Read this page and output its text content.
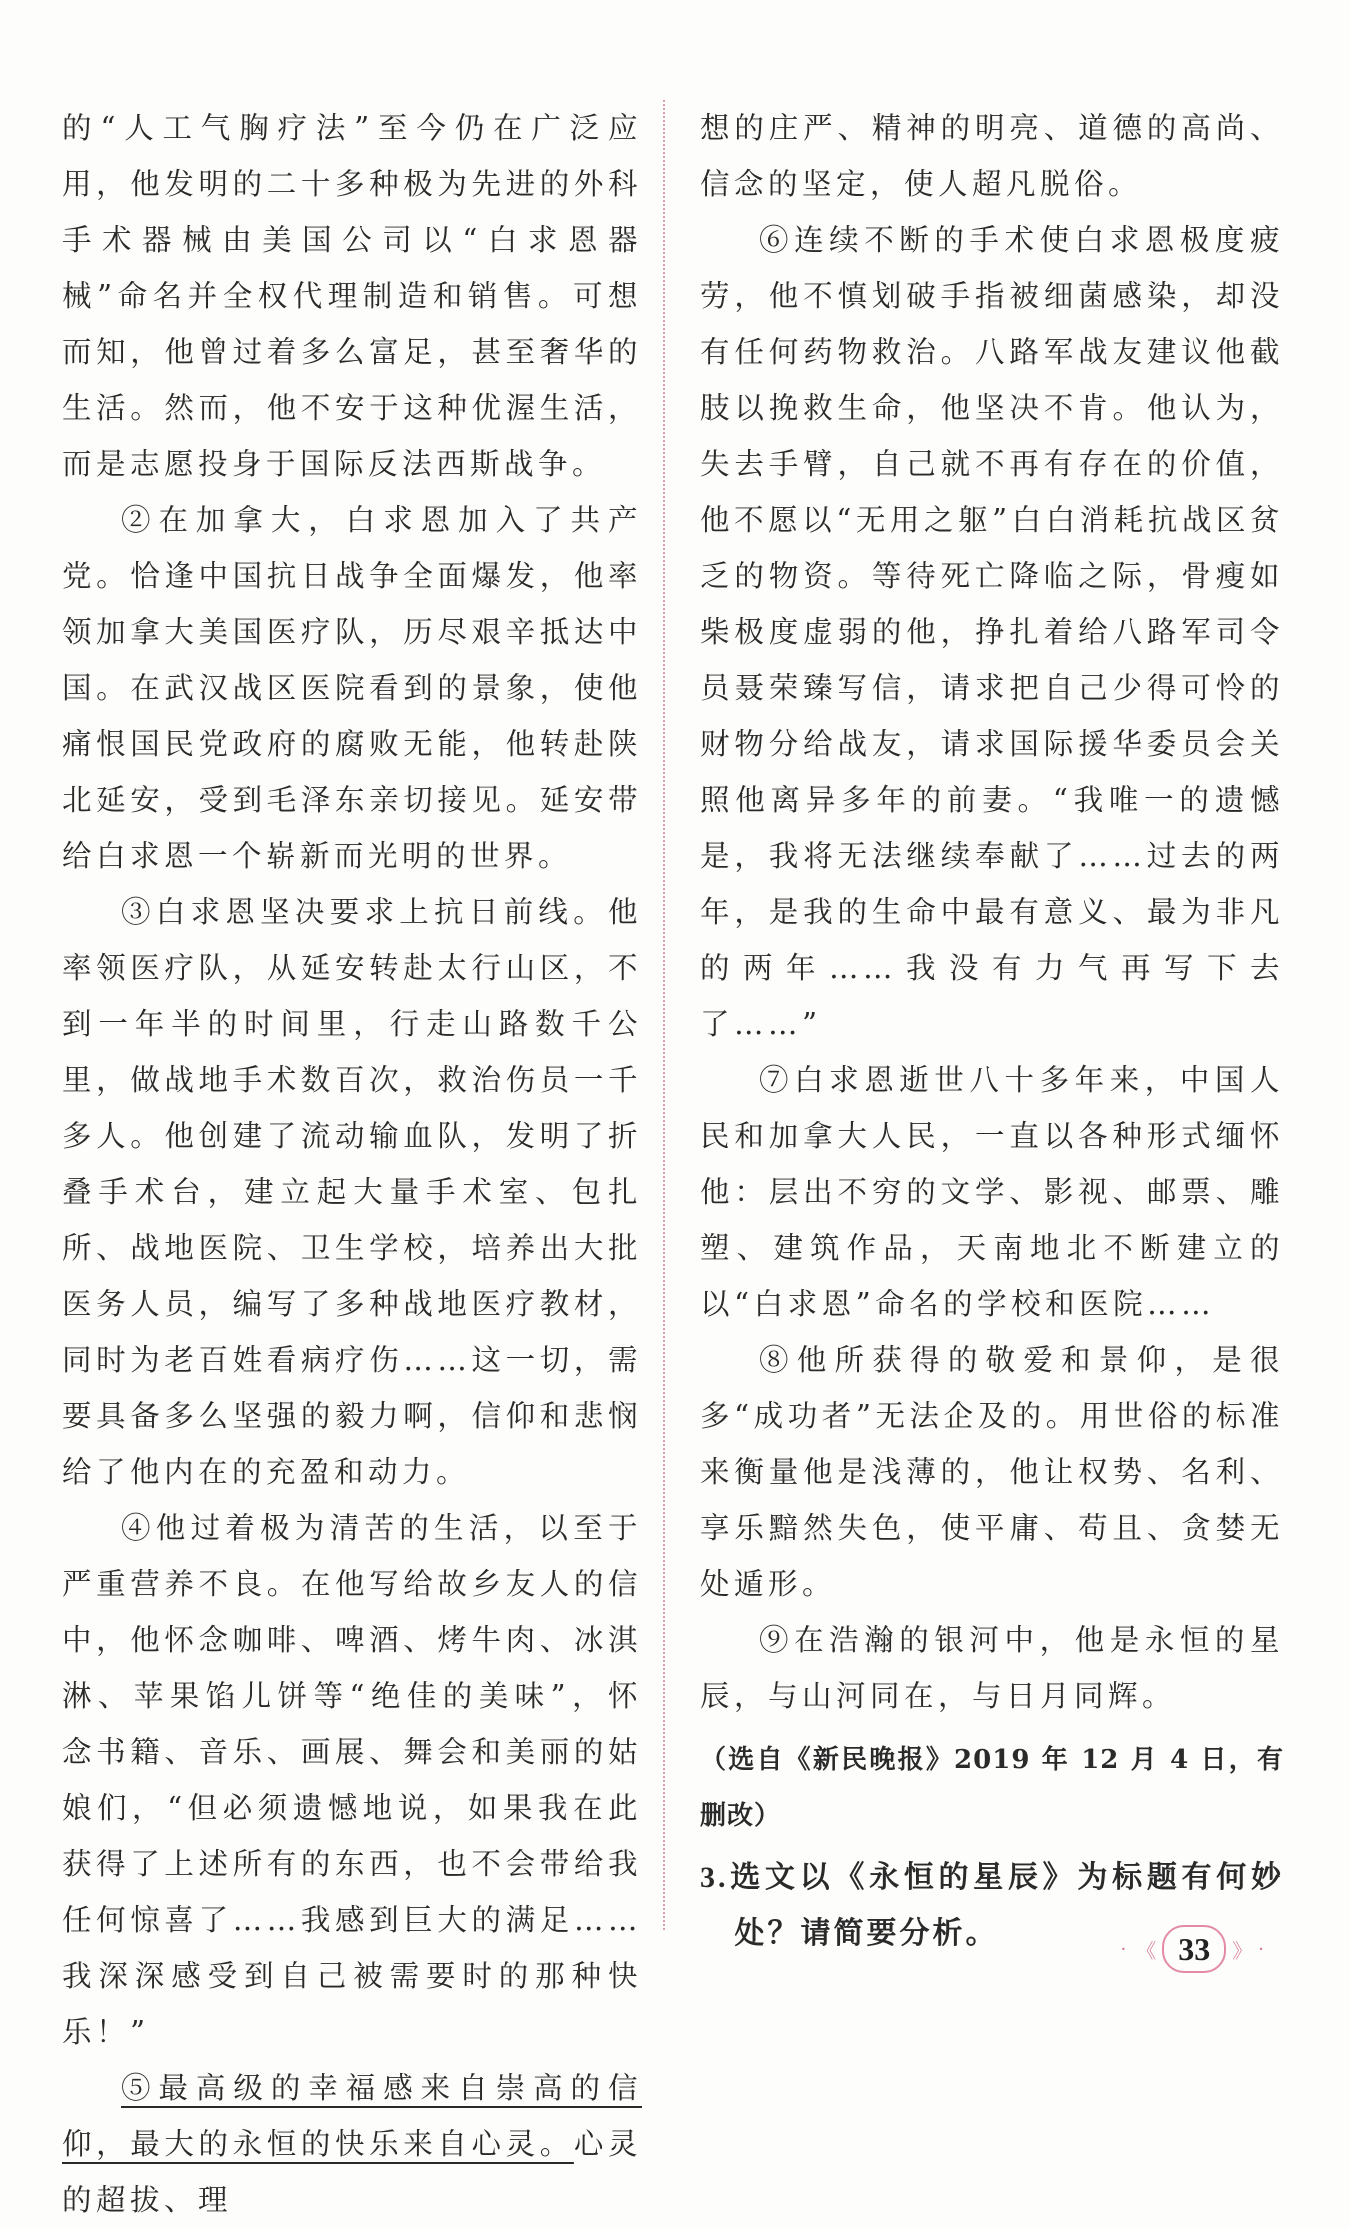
的“人工气胸疗法”至今仍在广泛应用，他发明的二十多种极为先进的外科手术器械由美国公司以“白求恩器械”命名并全权代理制造和销售。可想而知，他曾过着多么富足，甚至奢华的生活。然而，他不安于这种优渥生活，而是志愿投身于国际反法西斯战争。

②在加拿大，白求恩加入了共产党。恰逢中国抗日战争全面爆发，他率领加拿大美国医疗队，历尽艰辛抵达中国。在武汉战区医院看到的景象，使他痛恨国民党政府的腐败无能，他转赴陕北延安，受到毛泽东亲切接见。延安带给白求恩一个崭新而光明的世界。

③白求恩坚决要求上抗日前线。他率领医疗队，从延安转赴太行山区，不到一年半的时间里，行走山路数千公里，做战地手术数百次，救治伤员一千多人。他创建了流动输血队，发明了折叠手术台，建立起大量手术室、包扎所、战地医院、卫生学校，培养出大批医务人员，编写了多种战地医疗教材，同时为老百姓看病疗伤……这一切，需要具备多么坚强的毅力啊，信仰和悲悯给了他内在的充盈和动力。

④他过着极为清苦的生活，以至于严重营养不良。在他写给故乡友人的信中，他怀念咖啡、啤酒、烤牛肉、冰淇淋、苹果馅儿饼等“绝佳的美味”，怀念书籍、音乐、画展、舞会和美丽的姑娘们，“但必须遗憾地说，如果我在此获得了上述所有的东西，也不会带给我任何惊喜了……我感到巨大的满足……我深深感受到自己被需要时的那种快乐！”

⑤最高级的幸福感来自崇高的信仰，最大的永恒的快乐来自心灵。心灵的超拔、理

想的庄严、精神的明亮、道德的高尚、信念的坚定，使人超凡脱俗。

⑥连续不断的手术使白求恩极度疲劳，他不慎划破手指被细菌感染，却没有任何药物救治。八路军战友建议他截肢以挽救生命，他坚决不肯。他认为，失去手臂，自己就不再有存在的价值，他不愿以“无用之躯”白白消耗抗战区贫乏的物资。等待死亡降临之际，骨瘦如柴极度虚弱的他，挣扎着给八路军司令员聂荣臻写信，请求把自己少得可怜的财物分给战友，请求国际援华委员会关照他离异多年的前妻。“我唯一的遗憾是，我将无法继续奉献了……过去的两年，是我的生命中最有意义、最为非凡的两年……我没有力气再写下去了……”

⑦白求恩逝世八十多年来，中国人民和加拿大人民，一直以各种形式缅怀他：层出不穷的文学、影视、邮票、雕塑、建筑作品，天南地北不断建立的以“白求恩”命名的学校和医院……

⑧他所获得的敬爱和景仰，是很多“成功者”无法企及的。用世俗的标准来衡量他是浅薄的，他让权势、名利、享乐黯然失色，使平庸、苟且、贪婪无处遁形。

⑨在浩瀚的银河中，他是永恒的星辰，与山河同在，与日月同辉。

（选自《新民晚报》2019 年 12 月 4 日，有删改）

3.选文以《永恒的星辰》为标题有何妙处？请简要分析。	· 《 33	》 ·
